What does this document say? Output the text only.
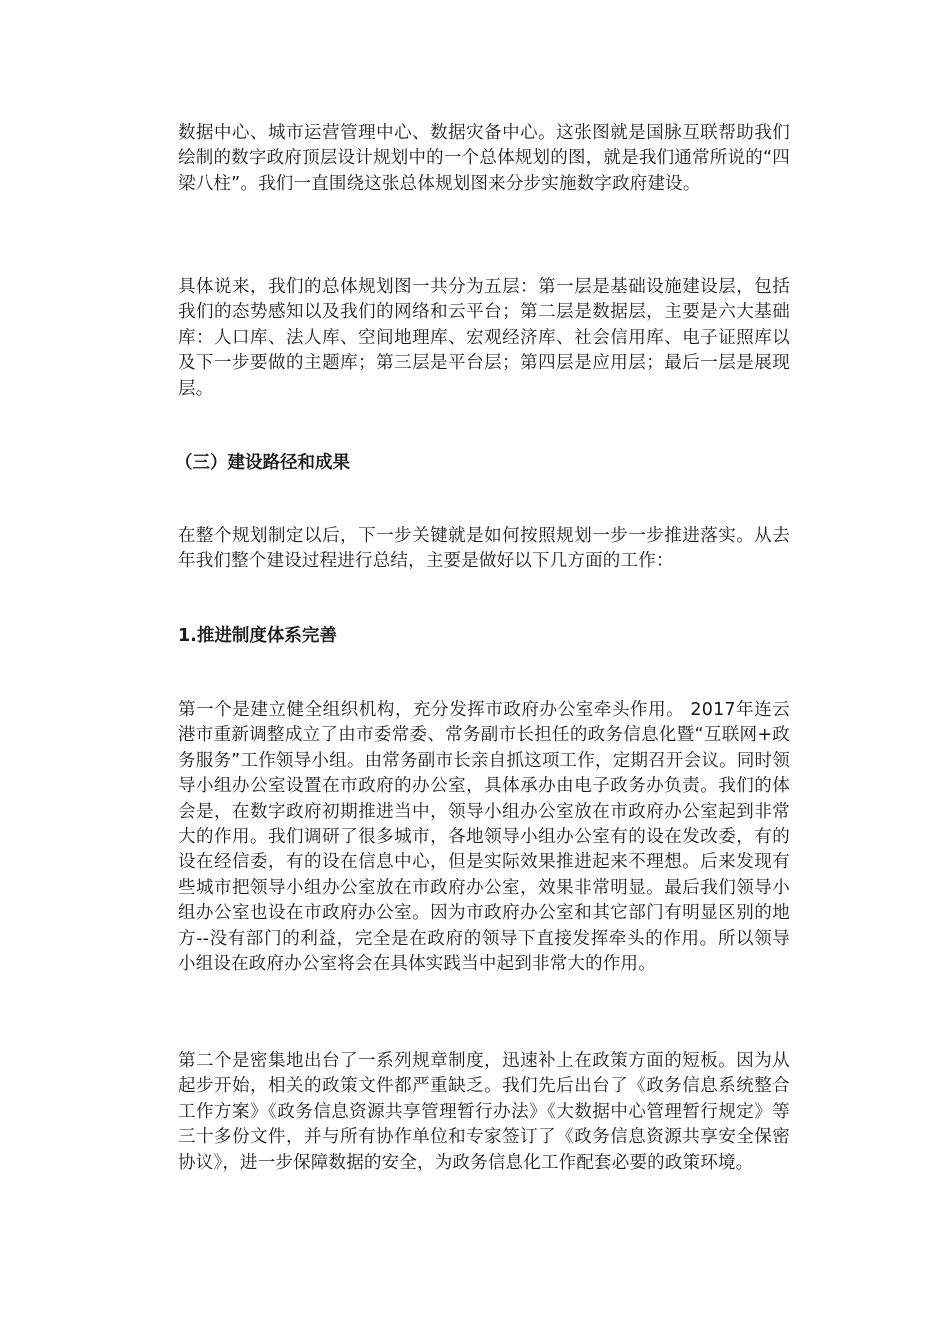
数据中心、城市运营管理中心、数据灾备中心。这张图就是国脉互联帮助我们绘制的数字政府顶层设计规划中的一个总体规划的图，就是我们通常所说的“四梁八柱”。我们一直围绕这张总体规划图来分步实施数字政府建设。

具体说来，我们的总体规划图一共分为五层：第一层是基础设施建设层，包括我们的态势感知以及我们的网络和云平台；第二层是数据层，主要是六大基础库：人口库、法人库、空间地理库、宏观经济库、社会信用库、电子证照库以及下一步要做的主题库；第三层是平台层；第四层是应用层；最后一层是展现层。

（三）建设路径和成果

在整个规划制定以后，下一步关键就是如何按照规划一步一步推进落实。从去年我们整个建设过程进行总结，主要是做好以下几方面的工作：

1.推进制度体系完善

第一个是建立健全组织机构，充分发挥市政府办公室牵头作用。 2017年连云港市重新调整成立了由市委常委、常务副市长担任的政务信息化暨“互联网+政务服务”工作领导小组。由常务副市长亲自抓这项工作，定期召开会议。同时领导小组办公室设置在市政府的办公室，具体承办由电子政务办负责。我们的体会是，在数字政府初期推进当中，领导小组办公室放在市政府办公室起到非常大的作用。我们调研了很多城市，各地领导小组办公室有的设在发改委，有的设在经信委，有的设在信息中心，但是实际效果推进起来不理想。后来发现有些城市把领导小组办公室放在市政府办公室，效果非常明显。最后我们领导小组办公室也设在市政府办公室。因为市政府办公室和其它部门有明显区别的地方--没有部门的利益，完全是在政府的领导下直接发挥牵头的作用。所以领导小组设在政府办公室将会在具体实践当中起到非常大的作用。

第二个是密集地出台了一系列规章制度，迅速补上在政策方面的短板。因为从起步开始，相关的政策文件都严重缺乏。我们先后出台了《政务信息系统整合工作方案》《政务信息资源共享管理暂行办法》《大数据中心管理暂行规定》等三十多份文件，并与所有协作单位和专家签订了《政务信息资源共享安全保密协议》，进一步保障数据的安全，为政务信息化工作配套必要的政策环境。
